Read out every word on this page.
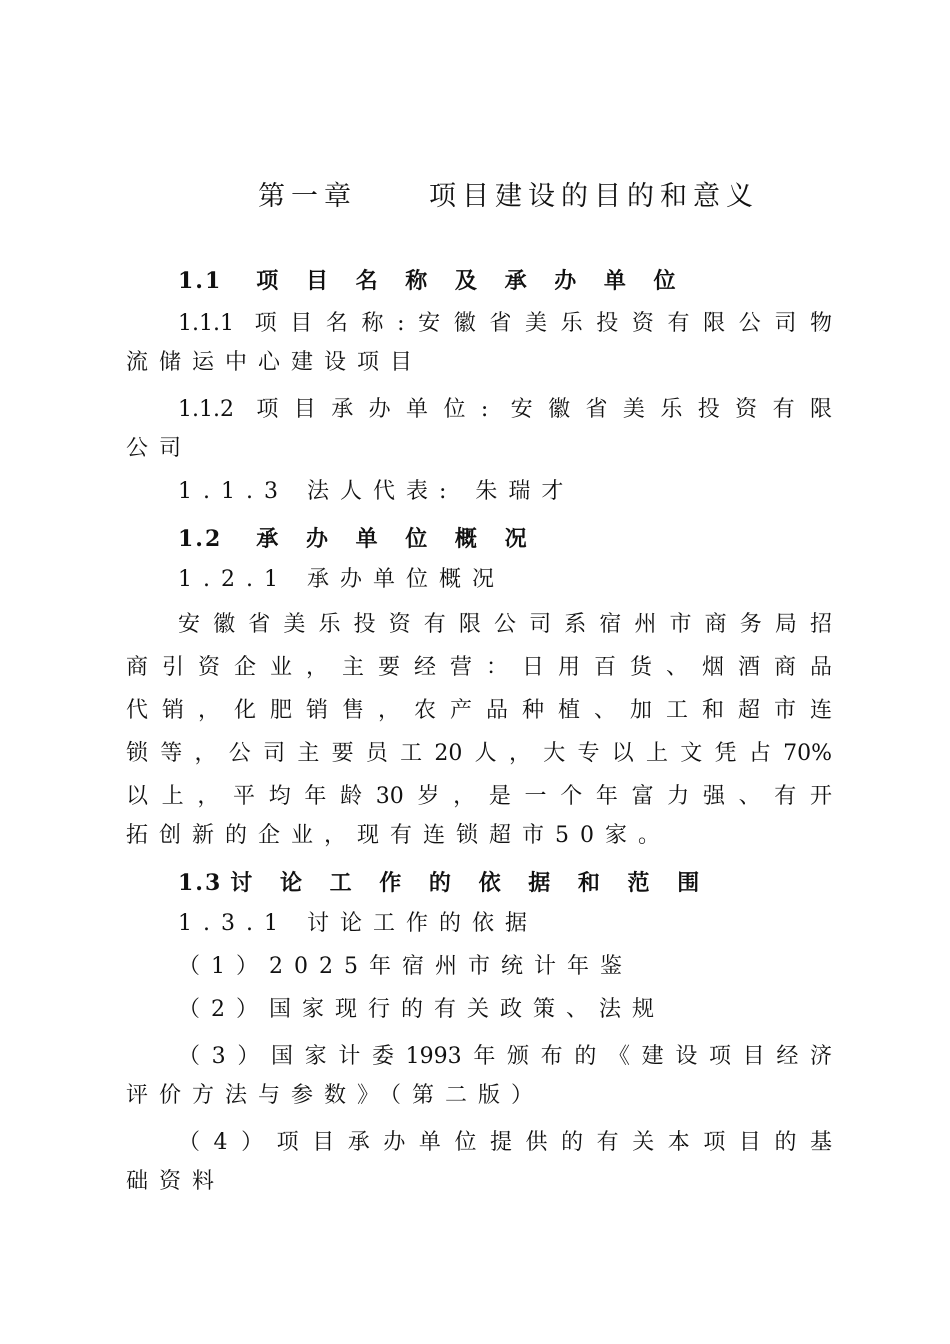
第一章	项目建设的目的和意义
1.1 项 目 名 称 及 承 办 单 位
1.1.1 项目名称:安徽省美乐投资有限公司物
流储运中心建设项目
1.1.2 项目承办单位: 安徽省美乐投资有限
公司
1.1.3 法人代表: 朱瑞才
1.2 承 办 单 位 概 况
1.2.1 承办单位概况
安徽省美乐投资有限公司系宿州市商务局招
商引资企业，主要经营：日用百货、烟酒商品
代销，化肥销售，农产品种植、加工和超市连
锁等，公司主要员工20人，大专以上文凭占70%
以上，平均年龄30岁，是一个年富力强、有开
拓创新的企业，现有连锁超市50家。
1.3 讨 论 工 作 的 依 据 和 范 围
1.3.1 讨论工作的依据
（1）2025年宿州市统计年鉴
（2）国家现行的有关政策、法规
（3）国家计委1993年颁布的《建设项目经济
评价方法与参数》（第二版）
（4）项目承办单位提供的有关本项目的基
础资料
